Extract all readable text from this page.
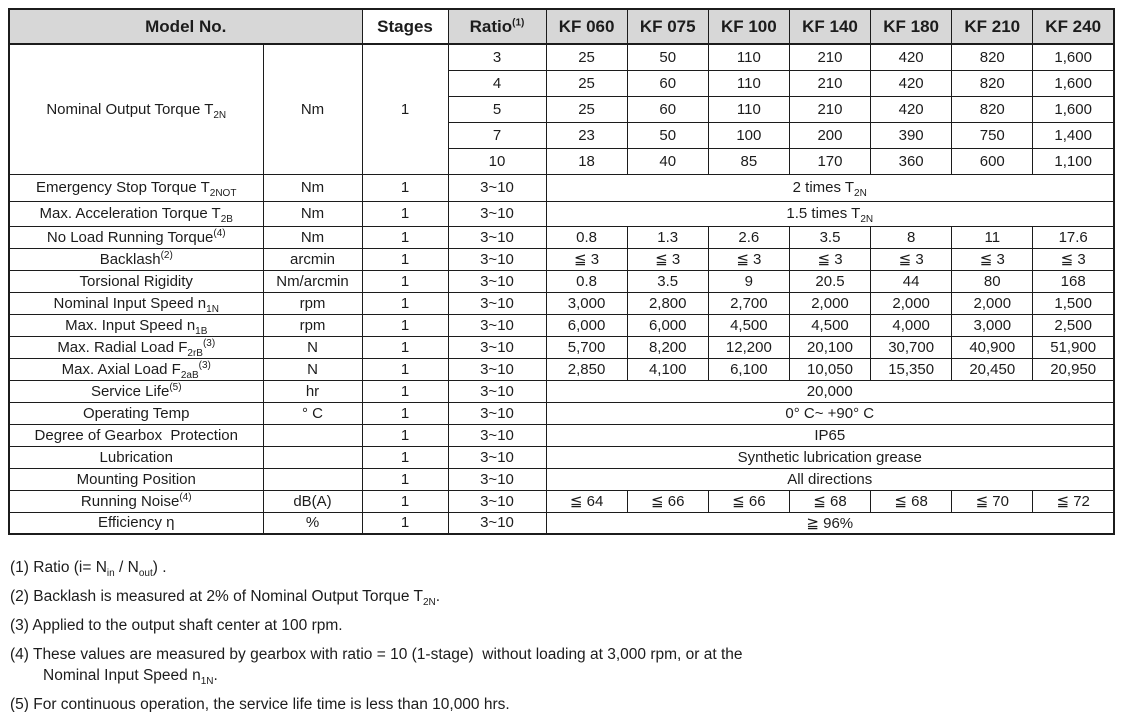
Model No.		Stages	Ratio$^{(1)}$	KF 060	KF 075	KF 100	KF 140	KF 180	KF 210	KF 240
Nominal Output Torque $T_{2N}$	Nm	1	3	25	50	110	210	420	820	1,600
			4	25	60	110	210	420	820	1,600
			5	25	60	110	210	420	820	1,600
			7	23	50	100	200	390	750	1,400
			10	18	40	85	170	360	600	1,100
Emergency Stop Torque $T_{2NOT}$	Nm	1	3~10	2 times $T_{2N}$
Max. Acceleration Torque $T_{2B}$	Nm	1	3~10	1.5 times $T_{2N}$
No Load Running Torque$^{(4)}$	Nm	1	3~10	0.8	1.3	2.6	3.5	8	11	17.6
Backlash$^{(2)}$	arcmin	1	3~10	≦ 3	≦ 3	≦ 3	≦ 3	≦ 3	≦ 3	≦ 3
Torsional Rigidity	Nm/arcmin	1	3~10	0.8	3.5	9	20.5	44	80	168
Nominal Input Speed $n_{1N}$	rpm	1	3~10	3,000	2,800	2,700	2,000	2,000	2,000	1,500
Max. Input Speed $n_{1B}$	rpm	1	3~10	6,000	6,000	4,500	4,500	4,000	3,000	2,500
Max. Radial Load $F_{2rB}^{(3)}$	N	1	3~10	5,700	8,200	12,200	20,100	30,700	40,900	51,900
Max. Axial Load $F_{2aB}^{(3)}$	N	1	3~10	2,850	4,100	6,100	10,050	15,350	20,450	20,950
Service Life$^{(5)}$	hr	1	3~10	20,000						
Operating Temp	° C	1	3~10	0° C~ +90° C						
Degree of Gearbox  Protection		1	3~10	IP65						
Lubrication		1	3~10	Synthetic lubrication grease						
Mounting Position		1	3~10	All directions						
Running Noise$^{(4)}$	dB(A)	1	3~10	≦ 64	≦ 66	≦ 66	≦ 68	≦ 68	≦ 70	≦ 72
Efficiency η	%	1	3~10	≧ 96%						
(1) Ratio $(i= N_{in} / N_{out})$ .
(2) Backlash is measured at 2% of Nominal Output Torque $T_{2N}$.
(3) Applied to the output shaft center at 100 rpm.
(4) These values are measured by gearbox with ratio = 10 (1-stage)  without loading at 3,000 rpm, or at the
Nominal Input Speed $n_{1N}$.
(5) For continuous operation, the service life time is less than 10,000 hrs.
